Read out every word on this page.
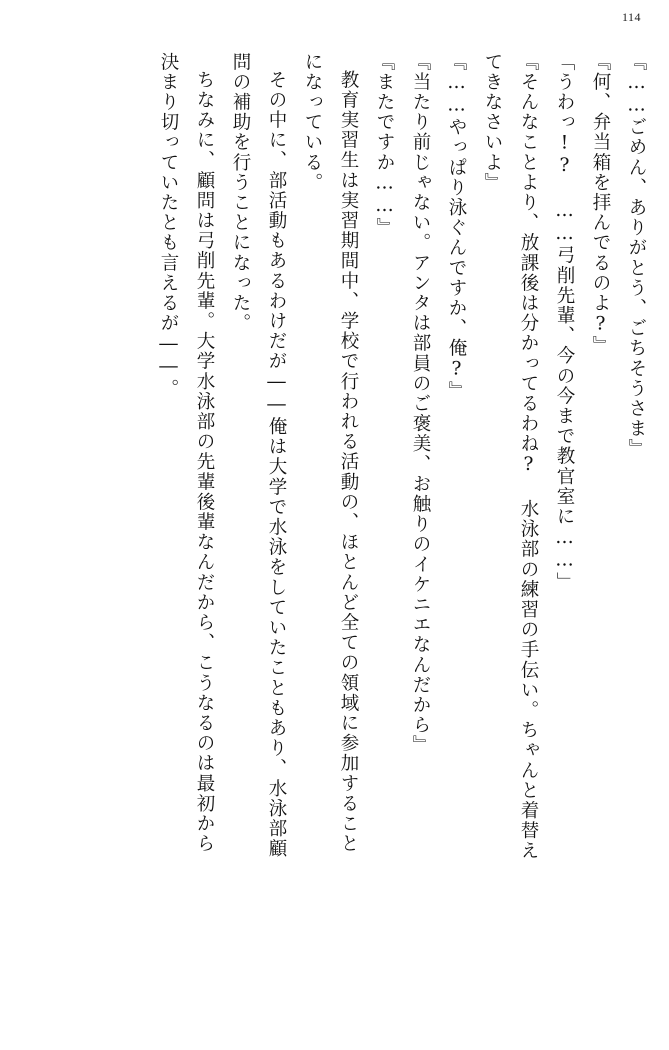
114
『……ごめん、ありがとう、ごちそうさま』
『何、弁当箱を拝んでるのよ?』
「うわっ!? ……弓削先輩、今の今まで教官室に……」
『そんなことより、放課後は分かってるわね? 水泳部の練習の手伝い。ちゃんと着替え
てきなさいよ』
『……やっぱり泳ぐんですか、俺?』
『当たり前じゃない。アンタは部員のご褒美、お触りのイケニエなんだから』
『またですか……』
教育実習生は実習期間中、学校で行われる活動の、ほとんど全ての領域に参加すること
になっている。
その中に、部活動もあるわけだが――俺は大学で水泳をしていたこともあり、水泳部顧
問の補助を行うことになった。
ちなみに、顧問は弓削先輩。大学水泳部の先輩後輩なんだから、こうなるのは最初から
決まり切っていたとも言えるが――。
